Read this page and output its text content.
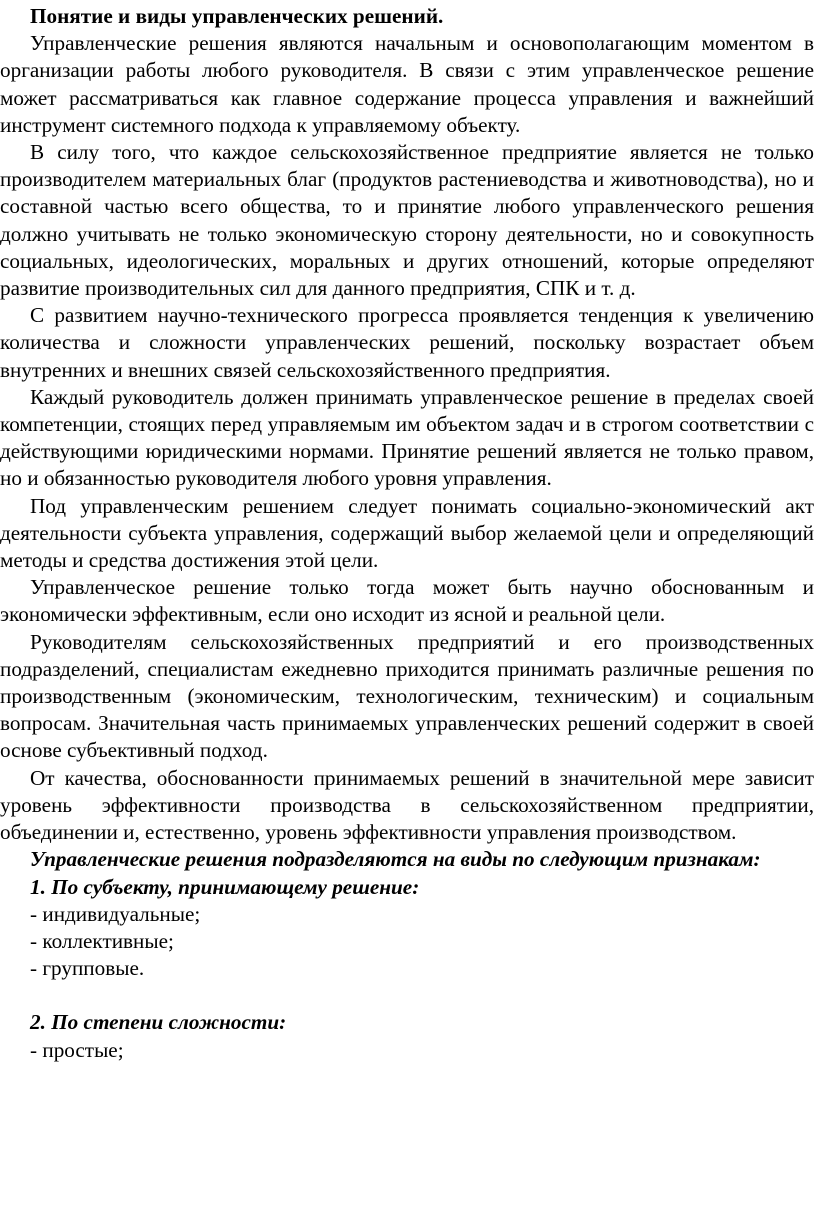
Понятие и виды управленческих решений.

Управленческие решения являются начальным и основополагающим моментом в организации работы любого руководителя. В связи с этим управленческое решение может рассматриваться как главное содержание процесса управления и важнейший инструмент системного подхода к управляемому объекту.

В силу того, что каждое сельскохозяйственное предприятие является не только производителем материальных благ (продуктов растениеводства и животноводства), но и составной частью всего общества, то и принятие любого управленческого решения должно учитывать не только экономическую сторону деятельности, но и совокупность социальных, идеологических, моральных и других отношений, которые определяют развитие производительных сил для данного предприятия, СПК и т. д.

С развитием научно-технического прогресса проявляется тенденция к увеличению количества и сложности управленческих решений, поскольку возрастает объем внутренних и внешних связей сельскохозяйственного предприятия.

Каждый руководитель должен принимать управленческое решение в пределах своей компетенции, стоящих перед управляемым им объектом задач и в строгом соответствии с действующими юридическими нормами. Принятие решений является не только правом, но и обязанностью руководителя любого уровня управления.

Под управленческим решением следует понимать социально-экономический акт деятельности субъекта управления, содержащий выбор желаемой цели и определяющий методы и средства достижения этой цели.

Управленческое решение только тогда может быть научно обоснованным и экономически эффективным, если оно исходит из ясной и реальной цели.

Руководителям сельскохозяйственных предприятий и его производственных подразделений, специалистам ежедневно приходится принимать различные решения по производственным (экономическим, технологическим, техническим) и социальным вопросам. Значительная часть принимаемых управленческих решений содержит в своей основе субъективный подход.

От качества, обоснованности принимаемых решений в значительной мере зависит уровень эффективности производства в сельскохозяйственном предприятии, объединении и, естественно, уровень эффективности управления производством.

Управленческие решения подразделяются на виды по следующим признакам:

1. По субъекту, принимающему решение:
- индивидуальные;
- коллективные;
- групповые.
2. По степени сложности:
- простые;
